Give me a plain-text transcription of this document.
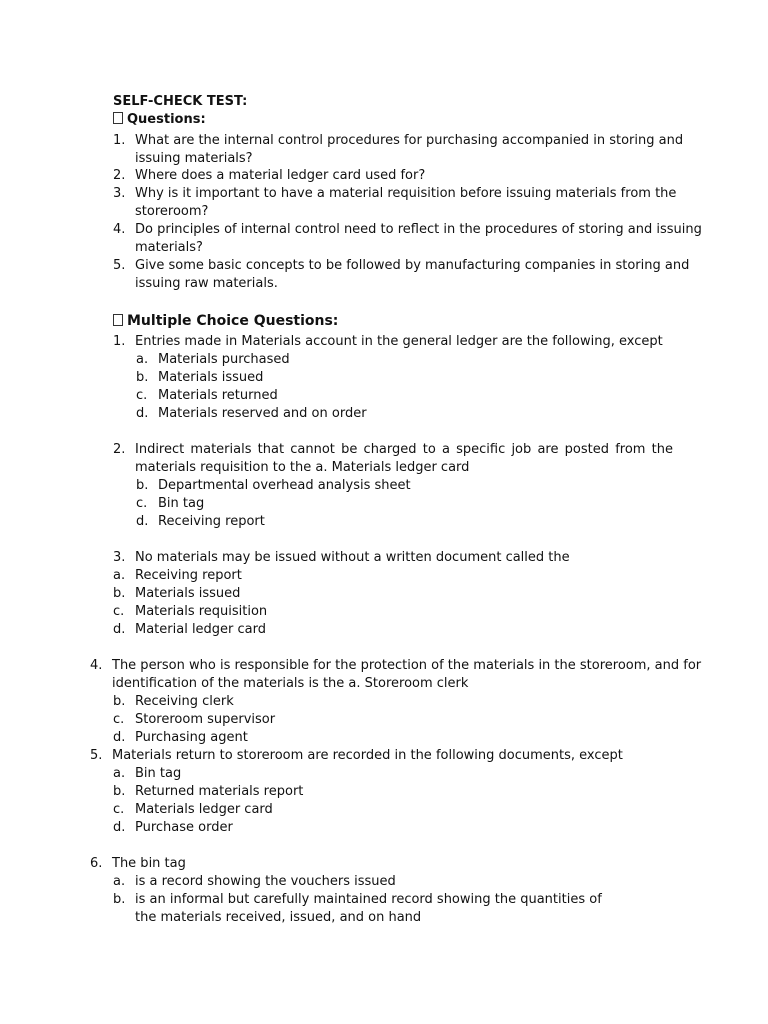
SELF-CHECK TEST:
Questions:
1. What are the internal control procedures for purchasing accompanied in storing and
issuing materials?
2. Where does a material ledger card used for?
3. Why is it important to have a material requisition before issuing materials from the
storeroom?
4. Do principles of internal control need to reflect in the procedures of storing and issuing
materials?
5. Give some basic concepts to be followed by manufacturing companies in storing and
issuing raw materials.
Multiple Choice Questions:
1. Entries made in Materials account in the general ledger are the following, except
a. Materials purchased
b. Materials issued
c. Materials returned
d. Materials reserved and on order
2. Indirect materials that cannot be charged to a specific job are posted from the
materials requisition to the a. Materials ledger card
b. Departmental overhead analysis sheet
c. Bin tag
d. Receiving report
3. No materials may be issued without a written document called the
a. Receiving report
b. Materials issued
c. Materials requisition
d. Material ledger card
4. The person who is responsible for the protection of the materials in the storeroom, and for
identification of the materials is the a. Storeroom clerk
b. Receiving clerk
c. Storeroom supervisor
d. Purchasing agent
5. Materials return to storeroom are recorded in the following documents, except
a. Bin tag
b. Returned materials report
c. Materials ledger card
d. Purchase order
6. The bin tag
a. is a record showing the vouchers issued
b. is an informal but carefully maintained record showing the quantities of
the materials received, issued, and on hand
